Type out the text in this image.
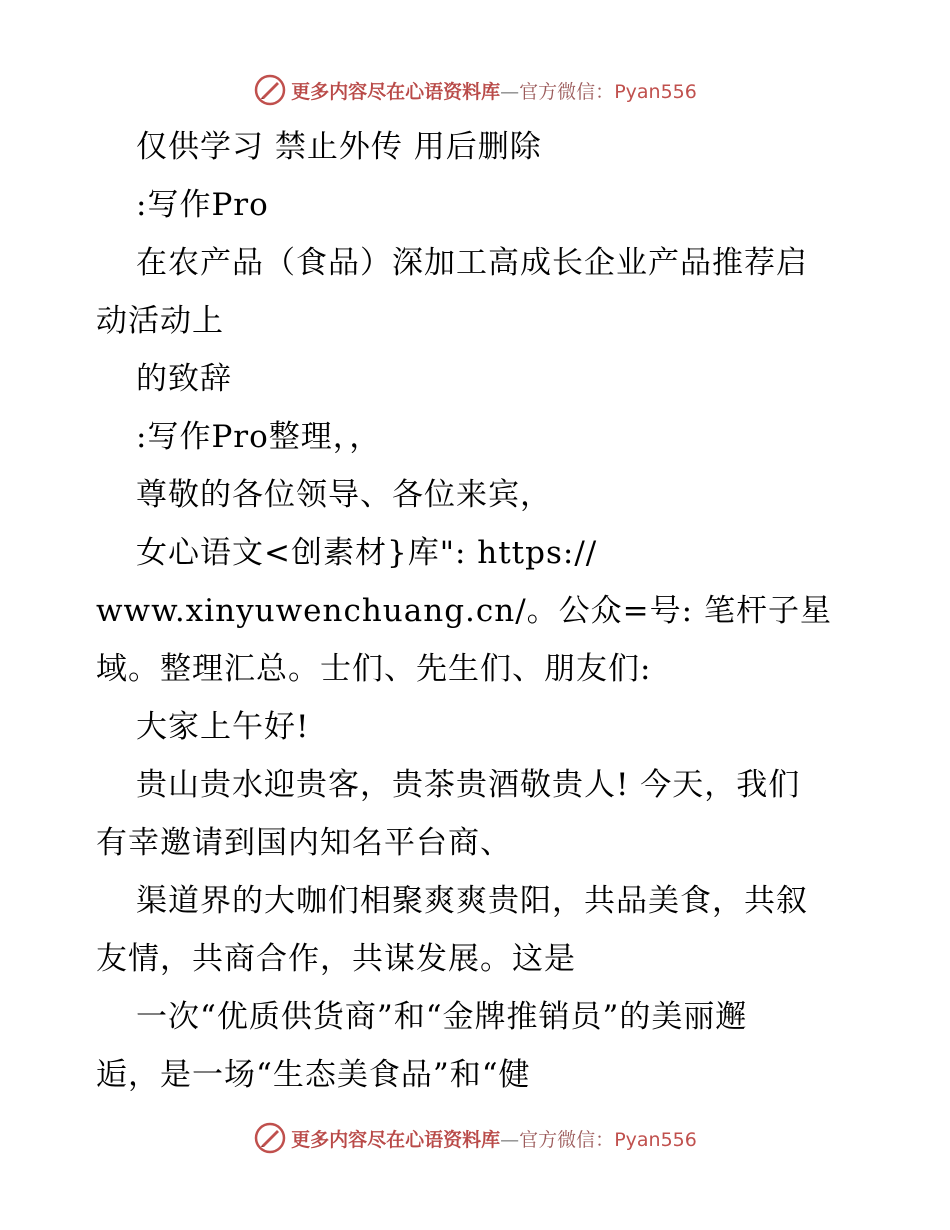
更多内容尽在心语资料库—官方微信：Pyan556
仅供学习 禁止外传 用后删除
:写作Pro
在农产品（食品）深加工高成长企业产品推荐启
动活动上
的致辞
:写作Pro整理，，
尊敬的各位领导、各位来宾，
女心语文<创素材}库": https://
www.xinyuwenchuang.cn/。公众=号: 笔杆子星
域。整理汇总。士们、先生们、朋友们:
大家上午好!
贵山贵水迎贵客，贵茶贵酒敬贵人! 今天，我们
有幸邀请到国内知名平台商、
渠道界的大咖们相聚爽爽贵阳，共品美食，共叙
友情，共商合作，共谋发展。这是
一次“优质供货商”和“金牌推销员”的美丽邂
逅，是一场“生态美食品”和“健
更多内容尽在心语资料库—官方微信：Pyan556
